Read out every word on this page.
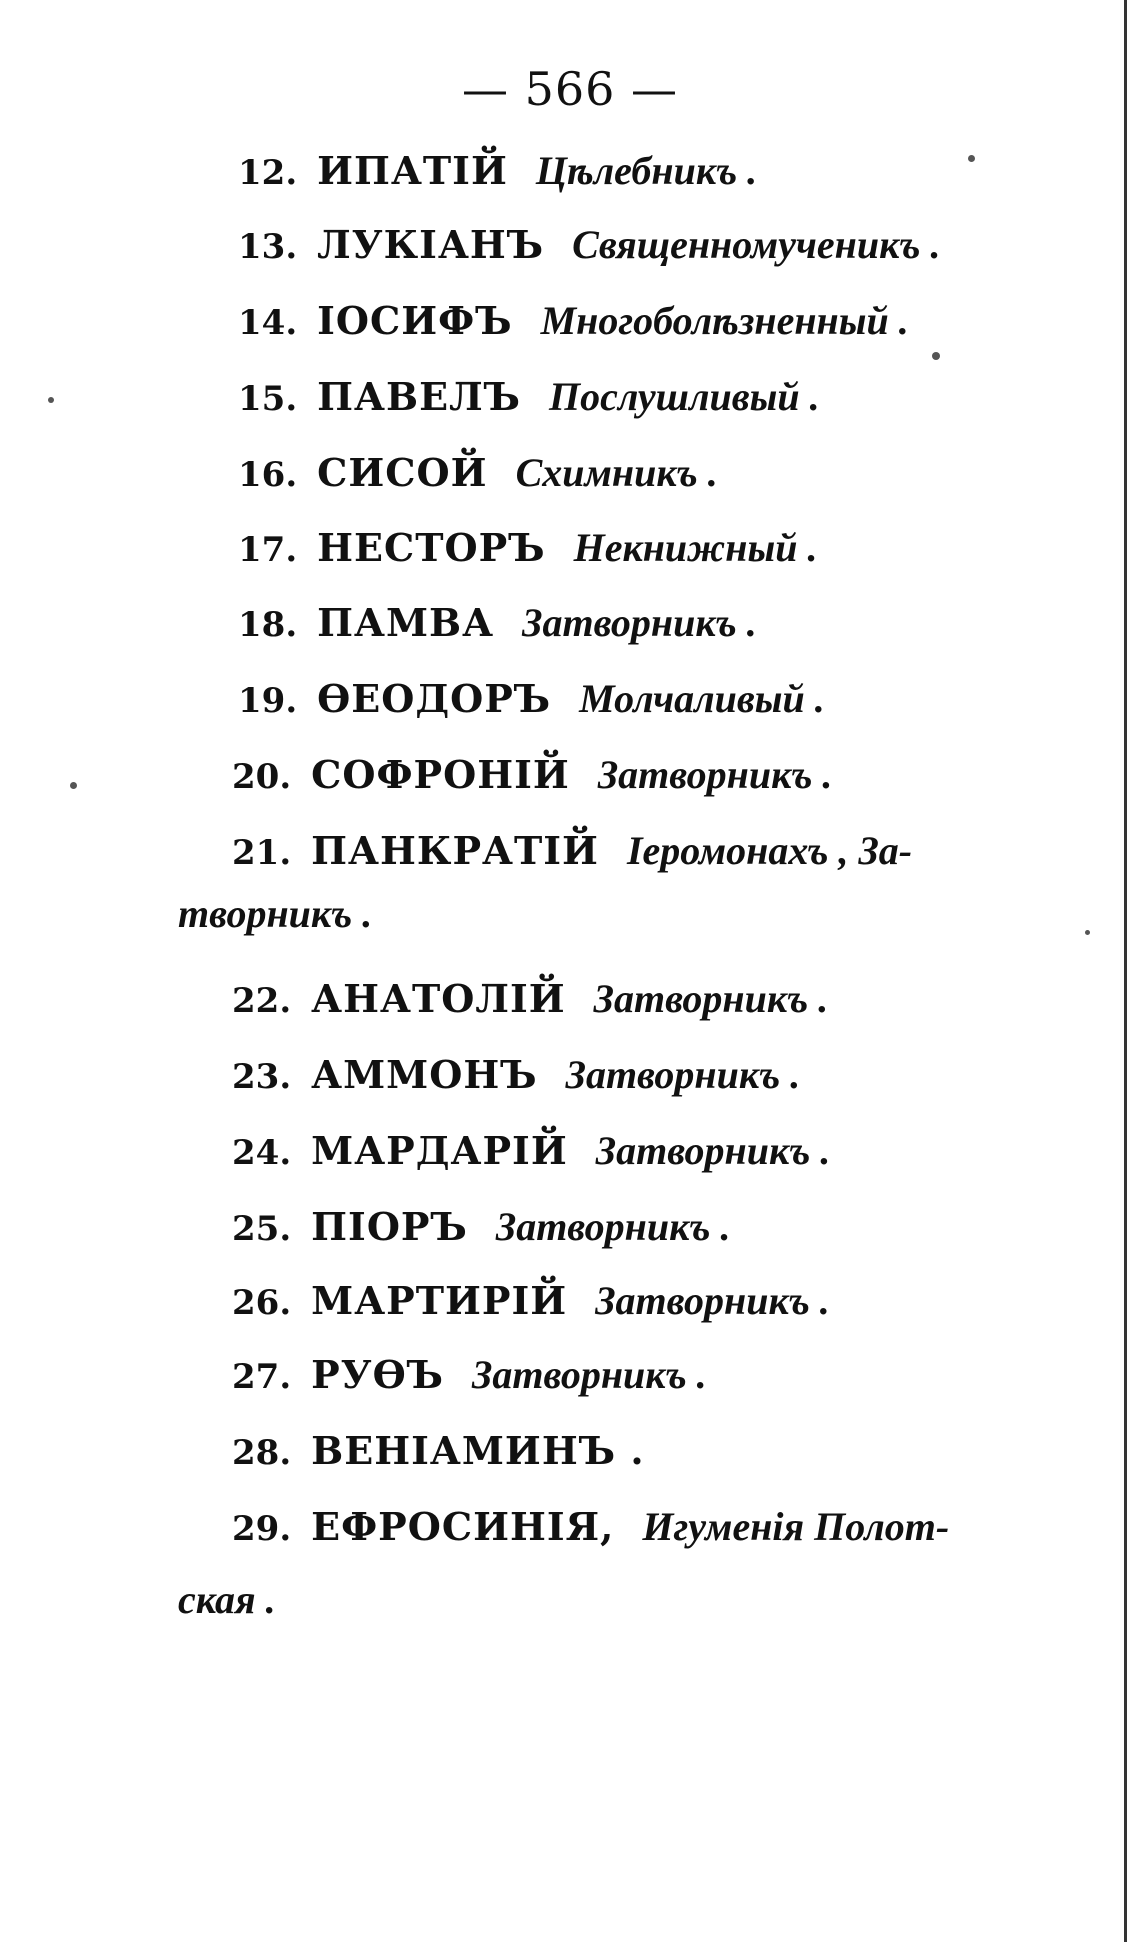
— 566 —
12. ИПАТІЙ Цѣлебникъ .
13. ЛУКІАНЪ Священномученикъ .
14. ІОСИФЪ Многоболѣзненный .
15. ПАВЕЛЪ Послушливый .
16. СИСОЙ Схимникъ .
17. НЕСТОРЪ Некнижный .
18. ПАМВА Затворникъ .
19. ѲЕОДОРЪ Молчаливый .
20. СОФРОНІЙ Затворникъ .
21. ПАНКРАТІЙ Іеромонахъ , За-
творникъ .
22. АНАТОЛІЙ Затворникъ .
23. АММОНЪ Затворникъ .
24. МАРДАРІЙ Затворникъ .
25. ПІОРЪ Затворникъ .
26. МАРТИРІЙ Затворникъ .
27. РУѲЪ Затворникъ .
28. ВЕНІАМИНЪ .
29. ЕФРОСИНІЯ, Игуменія Полот-
ская .
